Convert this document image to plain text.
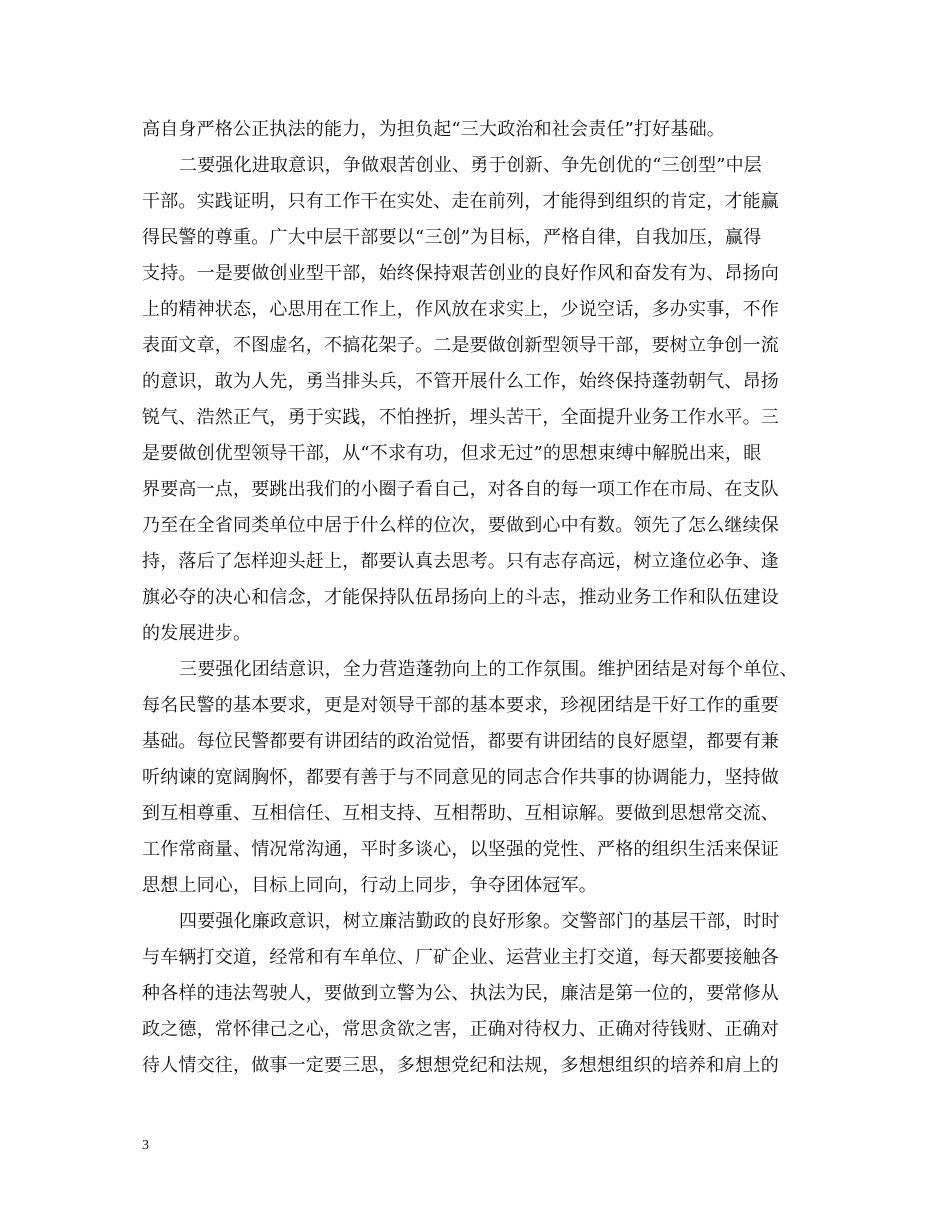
高自身严格公正执法的能力，为担负起“三大政治和社会责任”打好基础。
二要强化进取意识，争做艰苦创业、勇于创新、争先创优的“三创型”中层
干部。实践证明，只有工作干在实处、走在前列，才能得到组织的肯定，才能赢
得民警的尊重。广大中层干部要以“三创”为目标，严格自律，自我加压，赢得
支持。一是要做创业型干部，始终保持艰苦创业的良好作风和奋发有为、昂扬向
上的精神状态，心思用在工作上，作风放在求实上，少说空话，多办实事，不作
表面文章，不图虚名，不搞花架子。二是要做创新型领导干部，要树立争创一流
的意识，敢为人先，勇当排头兵，不管开展什么工作，始终保持蓬勃朝气、昂扬
锐气、浩然正气，勇于实践，不怕挫折，埋头苦干，全面提升业务工作水平。三
是要做创优型领导干部，从“不求有功，但求无过”的思想束缚中解脱出来，眼
界要高一点，要跳出我们的小圈子看自己，对各自的每一项工作在市局、在支队
乃至在全省同类单位中居于什么样的位次，要做到心中有数。领先了怎么继续保
持，落后了怎样迎头赶上，都要认真去思考。只有志存高远，树立逢位必争、逢
旗必夺的决心和信念，才能保持队伍昂扬向上的斗志，推动业务工作和队伍建设
的发展进步。
三要强化团结意识，全力营造蓬勃向上的工作氛围。维护团结是对每个单位、
每名民警的基本要求，更是对领导干部的基本要求，珍视团结是干好工作的重要
基础。每位民警都要有讲团结的政治觉悟，都要有讲团结的良好愿望，都要有兼
听纳谏的宽阔胸怀，都要有善于与不同意见的同志合作共事的协调能力，坚持做
到互相尊重、互相信任、互相支持、互相帮助、互相谅解。要做到思想常交流、
工作常商量、情况常沟通，平时多谈心，以坚强的党性、严格的组织生活来保证
思想上同心，目标上同向，行动上同步，争夺团体冠军。
四要强化廉政意识，树立廉洁勤政的良好形象。交警部门的基层干部，时时
与车辆打交道，经常和有车单位、厂矿企业、运营业主打交道，每天都要接触各
种各样的违法驾驶人，要做到立警为公、执法为民，廉洁是第一位的，要常修从
政之德，常怀律己之心，常思贪欲之害，正确对待权力、正确对待钱财、正确对
待人情交往，做事一定要三思，多想想党纪和法规，多想想组织的培养和肩上的
3
